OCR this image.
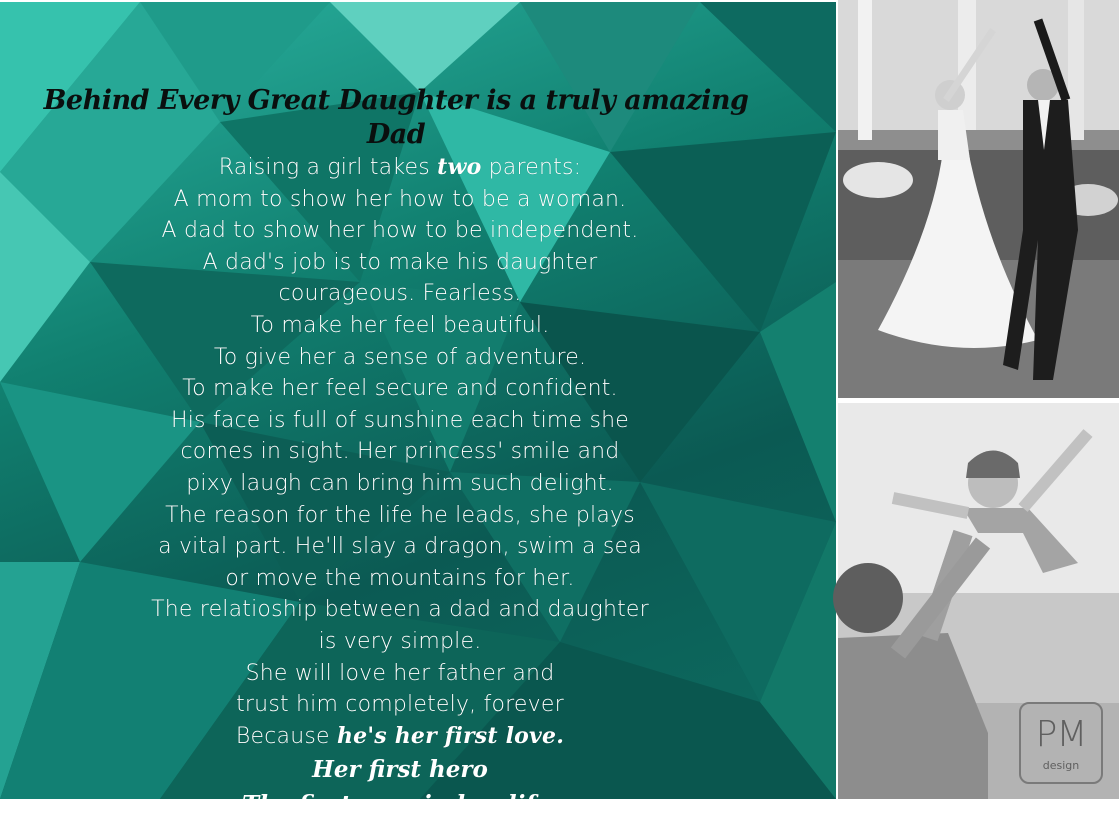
Behind Every Great Daughter is a truly amazing Dad
Raising a girl takes two parents:
A mom to show her how to be a woman.
A dad to show her how to be independent.
A dad's job is to make his daughter
courageous. Fearless.
To make her feel beautiful.
To give her a sense of adventure.
To make her feel secure and confident.
His face is full of sunshine each time she
comes in sight. Her princess' smile and
pixy laugh can bring him such delight.
The reason for the life he leads, she plays
a vital part. He'll slay a dragon, swim a sea
or move the mountains for her.
The relatioship between a dad and daughter
is very simple.
She will love her father and
trust him completely, forever
Because he's her first love.
Her first hero
The first man in her life.
PM
design
